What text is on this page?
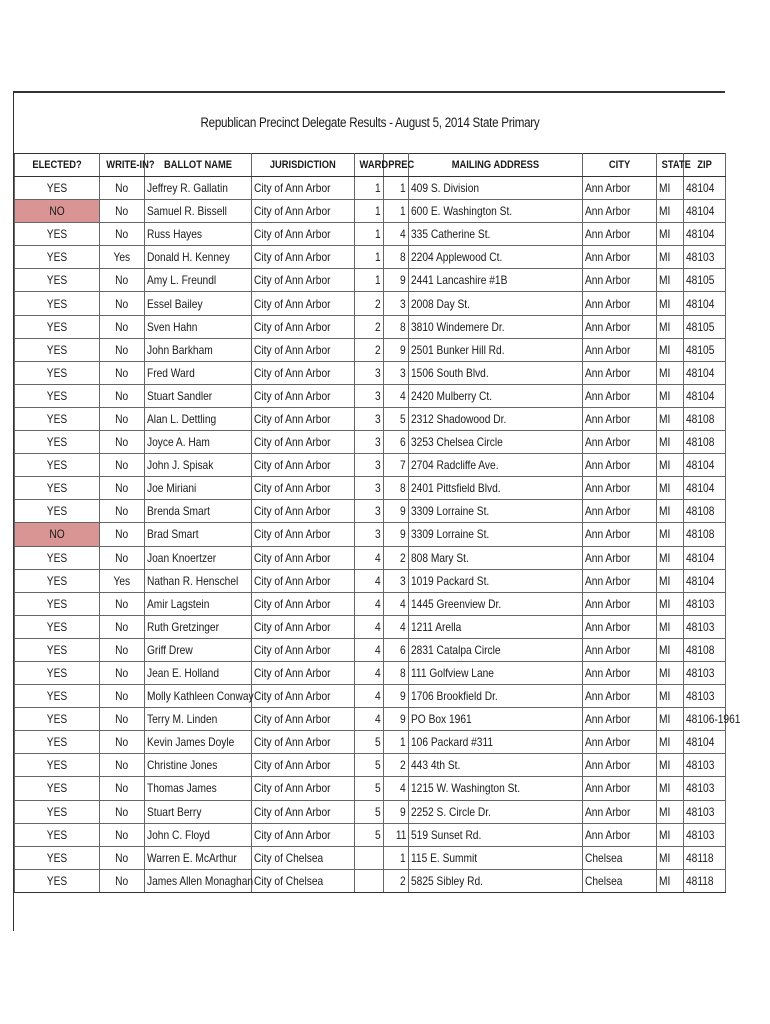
Republican Precinct Delegate Results - August 5, 2014 State Primary
ELECTED?	WRITE-IN?	BALLOT NAME	JURISDICTION	WARD	PREC	MAILING ADDRESS	CITY	STATE	ZIP
YES	No	Jeffrey R. Gallatin	City of Ann Arbor	1	1	409 S. Division	Ann Arbor	MI	48104
NO	No	Samuel R. Bissell	City of Ann Arbor	1	1	600 E. Washington St.	Ann Arbor	MI	48104
YES	No	Russ Hayes	City of Ann Arbor	1	4	335 Catherine St.	Ann Arbor	MI	48104
YES	Yes	Donald H. Kenney	City of Ann Arbor	1	8	2204 Applewood Ct.	Ann Arbor	MI	48103
YES	No	Amy L. Freundl	City of Ann Arbor	1	9	2441 Lancashire #1B	Ann Arbor	MI	48105
YES	No	Essel Bailey	City of Ann Arbor	2	3	2008 Day St.	Ann Arbor	MI	48104
YES	No	Sven Hahn	City of Ann Arbor	2	8	3810 Windemere Dr.	Ann Arbor	MI	48105
YES	No	John Barkham	City of Ann Arbor	2	9	2501 Bunker Hill Rd.	Ann Arbor	MI	48105
YES	No	Fred Ward	City of Ann Arbor	3	3	1506 South Blvd.	Ann Arbor	MI	48104
YES	No	Stuart Sandler	City of Ann Arbor	3	4	2420 Mulberry Ct.	Ann Arbor	MI	48104
YES	No	Alan L. Dettling	City of Ann Arbor	3	5	2312 Shadowood Dr.	Ann Arbor	MI	48108
YES	No	Joyce A. Ham	City of Ann Arbor	3	6	3253 Chelsea Circle	Ann Arbor	MI	48108
YES	No	John J. Spisak	City of Ann Arbor	3	7	2704 Radcliffe Ave.	Ann Arbor	MI	48104
YES	No	Joe Miriani	City of Ann Arbor	3	8	2401 Pittsfield Blvd.	Ann Arbor	MI	48104
YES	No	Brenda Smart	City of Ann Arbor	3	9	3309 Lorraine St.	Ann Arbor	MI	48108
NO	No	Brad Smart	City of Ann Arbor	3	9	3309 Lorraine St.	Ann Arbor	MI	48108
YES	No	Joan Knoertzer	City of Ann Arbor	4	2	808 Mary St.	Ann Arbor	MI	48104
YES	Yes	Nathan R. Henschel	City of Ann Arbor	4	3	1019 Packard St.	Ann Arbor	MI	48104
YES	No	Amir Lagstein	City of Ann Arbor	4	4	1445 Greenview Dr.	Ann Arbor	MI	48103
YES	No	Ruth Gretzinger	City of Ann Arbor	4	4	1211 Arella	Ann Arbor	MI	48103
YES	No	Griff Drew	City of Ann Arbor	4	6	2831 Catalpa Circle	Ann Arbor	MI	48108
YES	No	Jean E. Holland	City of Ann Arbor	4	8	111 Golfview Lane	Ann Arbor	MI	48103
YES	No	Molly Kathleen Conway	City of Ann Arbor	4	9	1706 Brookfield Dr.	Ann Arbor	MI	48103
YES	No	Terry M. Linden	City of Ann Arbor	4	9	PO Box 1961	Ann Arbor	MI	48106-1961
YES	No	Kevin James Doyle	City of Ann Arbor	5	1	106 Packard #311	Ann Arbor	MI	48104
YES	No	Christine Jones	City of Ann Arbor	5	2	443 4th St.	Ann Arbor	MI	48103
YES	No	Thomas James	City of Ann Arbor	5	4	1215 W. Washington St.	Ann Arbor	MI	48103
YES	No	Stuart Berry	City of Ann Arbor	5	9	2252 S. Circle Dr.	Ann Arbor	MI	48103
YES	No	John C. Floyd	City of Ann Arbor	5	11	519 Sunset Rd.	Ann Arbor	MI	48103
YES	No	Warren E. McArthur	City of Chelsea		1	115 E. Summit	Chelsea	MI	48118
YES	No	James Allen Monaghan	City of Chelsea		2	5825 Sibley Rd.	Chelsea	MI	48118
